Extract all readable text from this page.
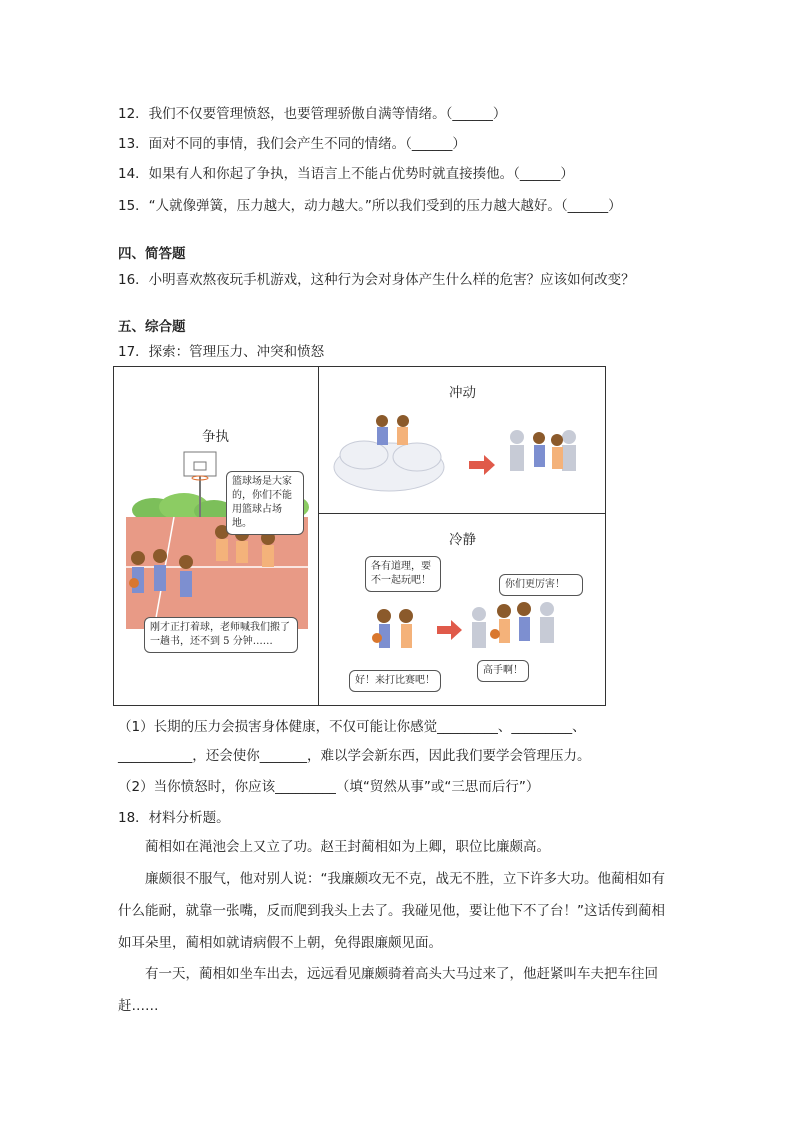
12．我们不仅要管理愤怒，也要管理骄傲自满等情绪。（______）
13．面对不同的事情，我们会产生不同的情绪。（______）
14．如果有人和你起了争执，当语言上不能占优势时就直接揍他。（______）
15．“人就像弹簧，压力越大，动力越大。”所以我们受到的压力越大越好。（______）
四、简答题
16．小明喜欢熬夜玩手机游戏，这种行为会对身体产生什么样的危害？应该如何改变？
五、综合题
17．探索：管理压力、冲突和愤怒
争执
篮球场是大家的，你们不能用篮球占场地。
刚才正打着球，老师喊我们搬了一趟书，还不到 5 分钟……
冲动
冷静
各有道理，要不一起玩吧！	你们更厉害！
高手啊！
好！来打比赛吧！
（1）长期的压力会损害身体健康，不仅可能让你感觉_________、_________、
___________，还会使你_______，难以学会新东西，因此我们要学会管理压力。
（2）当你愤怒时，你应该_________（填“贸然从事”或“三思而后行”）
18．材料分析题。
蔺相如在渑池会上又立了功。赵王封蔺相如为上卿，职位比廉颇高。
廉颇很不服气，他对别人说：“我廉颇攻无不克，战无不胜，立下许多大功。他蔺相如有什么能耐，就靠一张嘴，反而爬到我头上去了。我碰见他，要让他下不了台！”这话传到蔺相如耳朵里，蔺相如就请病假不上朝，免得跟廉颇见面。
有一天，蔺相如坐车出去，远远看见廉颇骑着高头大马过来了，他赶紧叫车夫把车往回赶……
